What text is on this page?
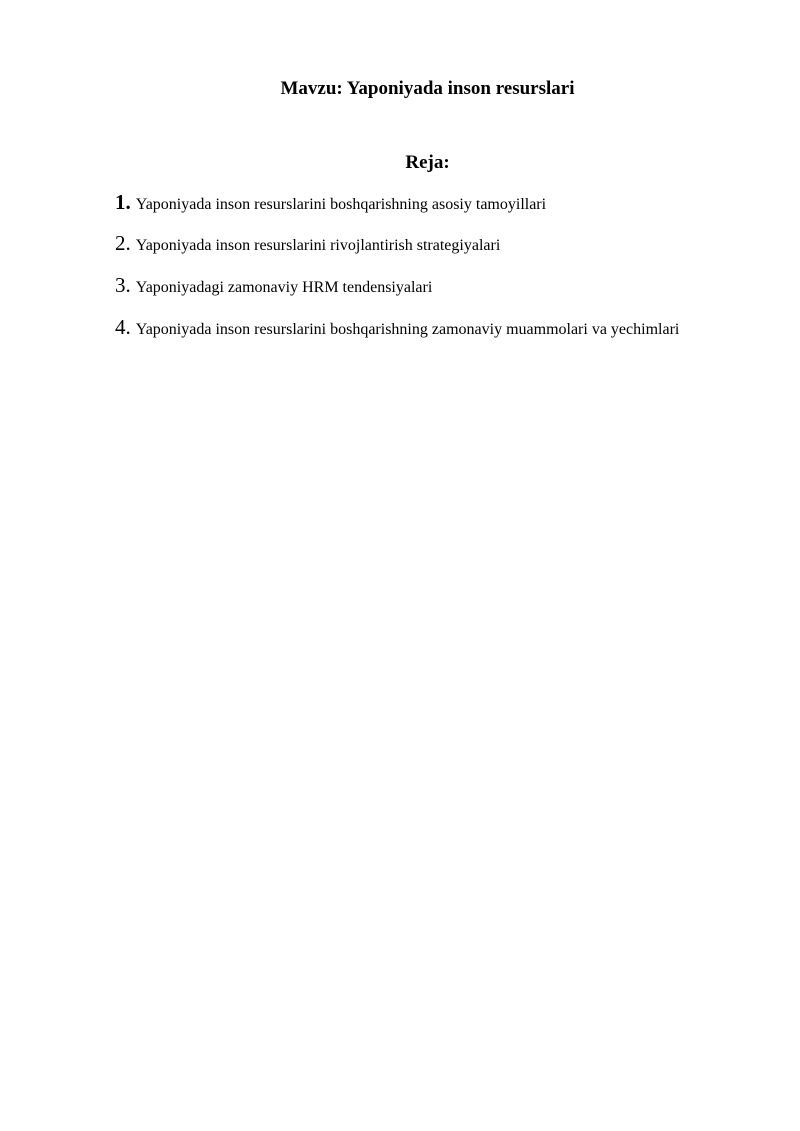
Mavzu: Yaponiyada inson resurslari
Reja:
1. Yaponiyada inson resurslarini boshqarishning asosiy tamoyillari
2. Yaponiyada inson resurslarini rivojlantirish strategiyalari
3. Yaponiyadagi zamonaviy HRM tendensiyalari
4. Yaponiyada inson resurslarini boshqarishning zamonaviy muammolari va yechimlari
